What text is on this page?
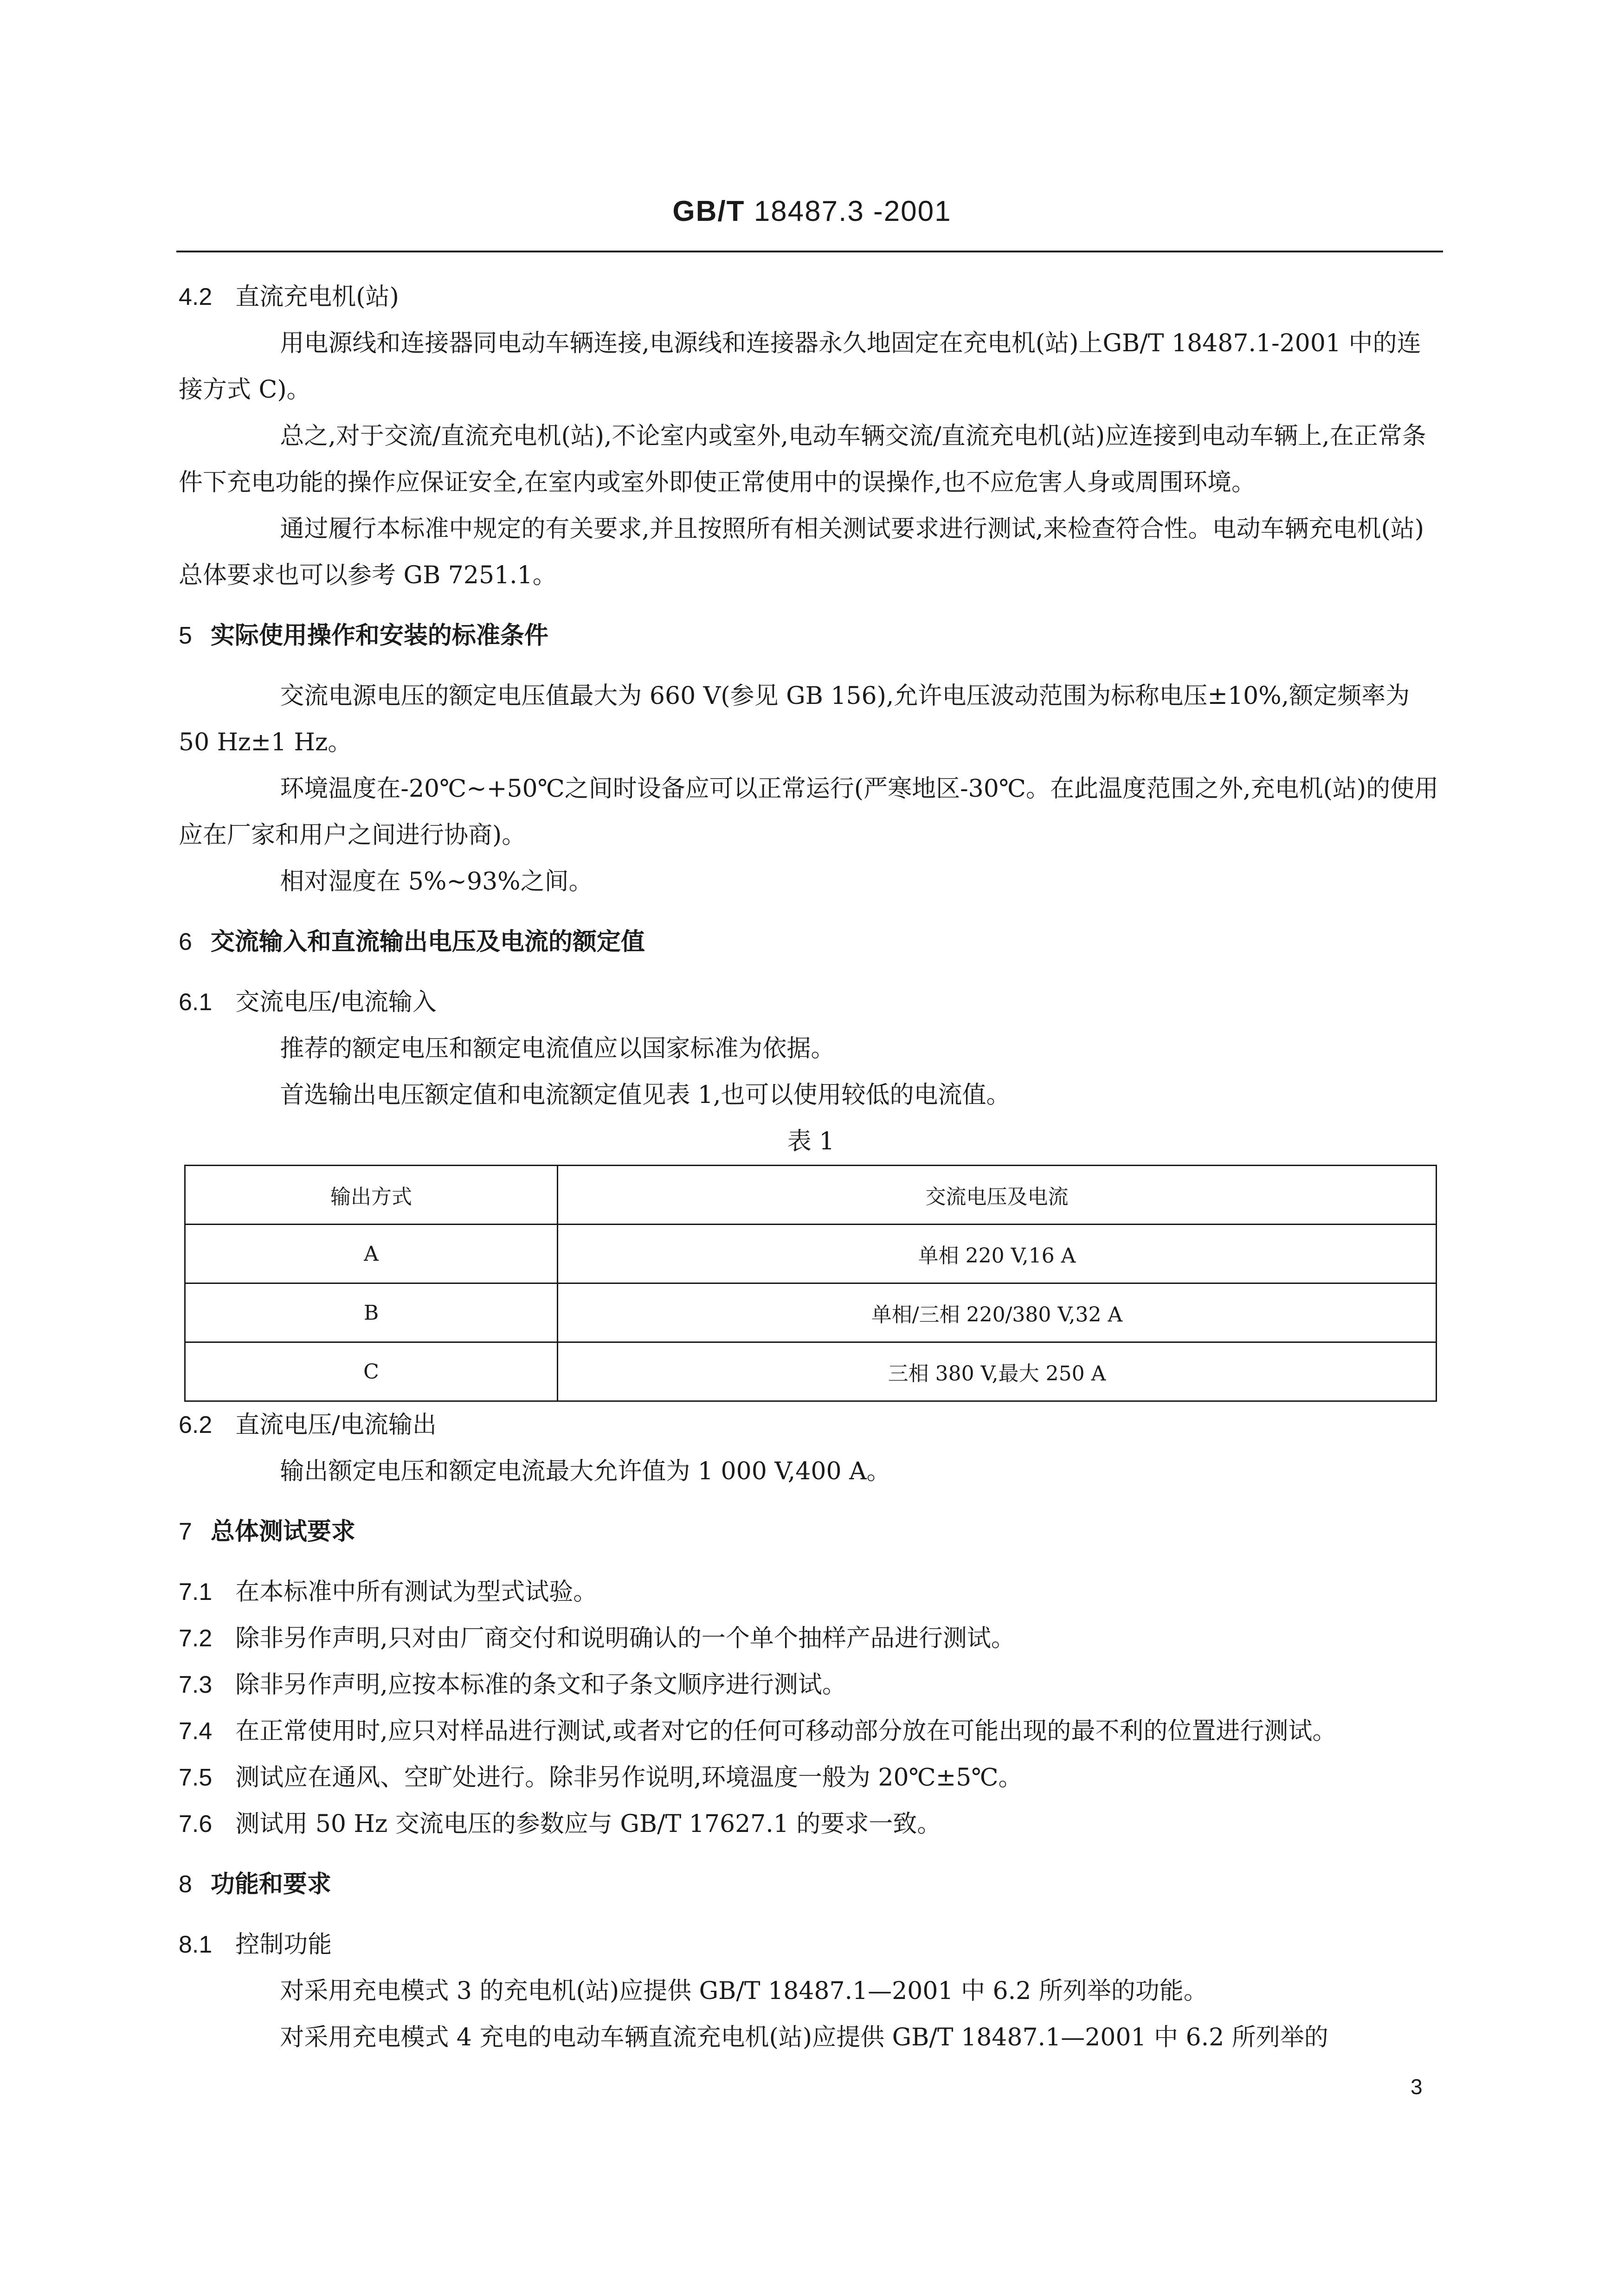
GB/T 18487.3 -2001

4.2 直流充电机(站)

用电源线和连接器同电动车辆连接,电源线和连接器永久地固定在充电机(站)上GB/T 18487.1-2001 中的连接方式 C)。

总之,对于交流/直流充电机(站),不论室内或室外,电动车辆交流/直流充电机(站)应连接到电动车辆上,在正常条件下充电功能的操作应保证安全,在室内或室外即使正常使用中的误操作,也不应危害人身或周围环境。

通过履行本标准中规定的有关要求,并且按照所有相关测试要求进行测试,来检查符合性。电动车辆充电机(站)总体要求也可以参考 GB 7251.1。

5 实际使用操作和安装的标准条件

交流电源电压的额定电压值最大为 660 V(参见 GB 156),允许电压波动范围为标称电压±10%,额定频率为 50 Hz±1 Hz。

环境温度在-20℃~+50℃之间时设备应可以正常运行(严寒地区-30℃。在此温度范围之外,充电机(站)的使用应在厂家和用户之间进行协商)。

相对湿度在 5%~93%之间。

6 交流输入和直流输出电压及电流的额定值

6.1 交流电压/电流输入

推荐的额定电压和额定电流值应以国家标准为依据。

首选输出电压额定值和电流额定值见表 1,也可以使用较低的电流值。

表 1

输出方式	交流电压及电流
A	单相 220 V,16 A
B	单相/三相 220/380 V,32 A
C	三相 380 V,最大 250 A

6.2 直流电压/电流输出

输出额定电压和额定电流最大允许值为 1 000 V,400 A。

7 总体测试要求

7.1 在本标准中所有测试为型式试验。

7.2 除非另作声明,只对由厂商交付和说明确认的一个单个抽样产品进行测试。

7.3 除非另作声明,应按本标准的条文和子条文顺序进行测试。

7.4 在正常使用时,应只对样品进行测试,或者对它的任何可移动部分放在可能出现的最不利的位置进行测试。

7.5 测试应在通风、空旷处进行。除非另作说明,环境温度一般为 20℃±5℃。

7.6 测试用 50 Hz 交流电压的参数应与 GB/T 17627.1 的要求一致。

8 功能和要求

8.1 控制功能

对采用充电模式 3 的充电机(站)应提供 GB/T 18487.1—2001 中 6.2 所列举的功能。

对采用充电模式 4 充电的电动车辆直流充电机(站)应提供 GB/T 18487.1—2001 中 6.2 所列举的

3
